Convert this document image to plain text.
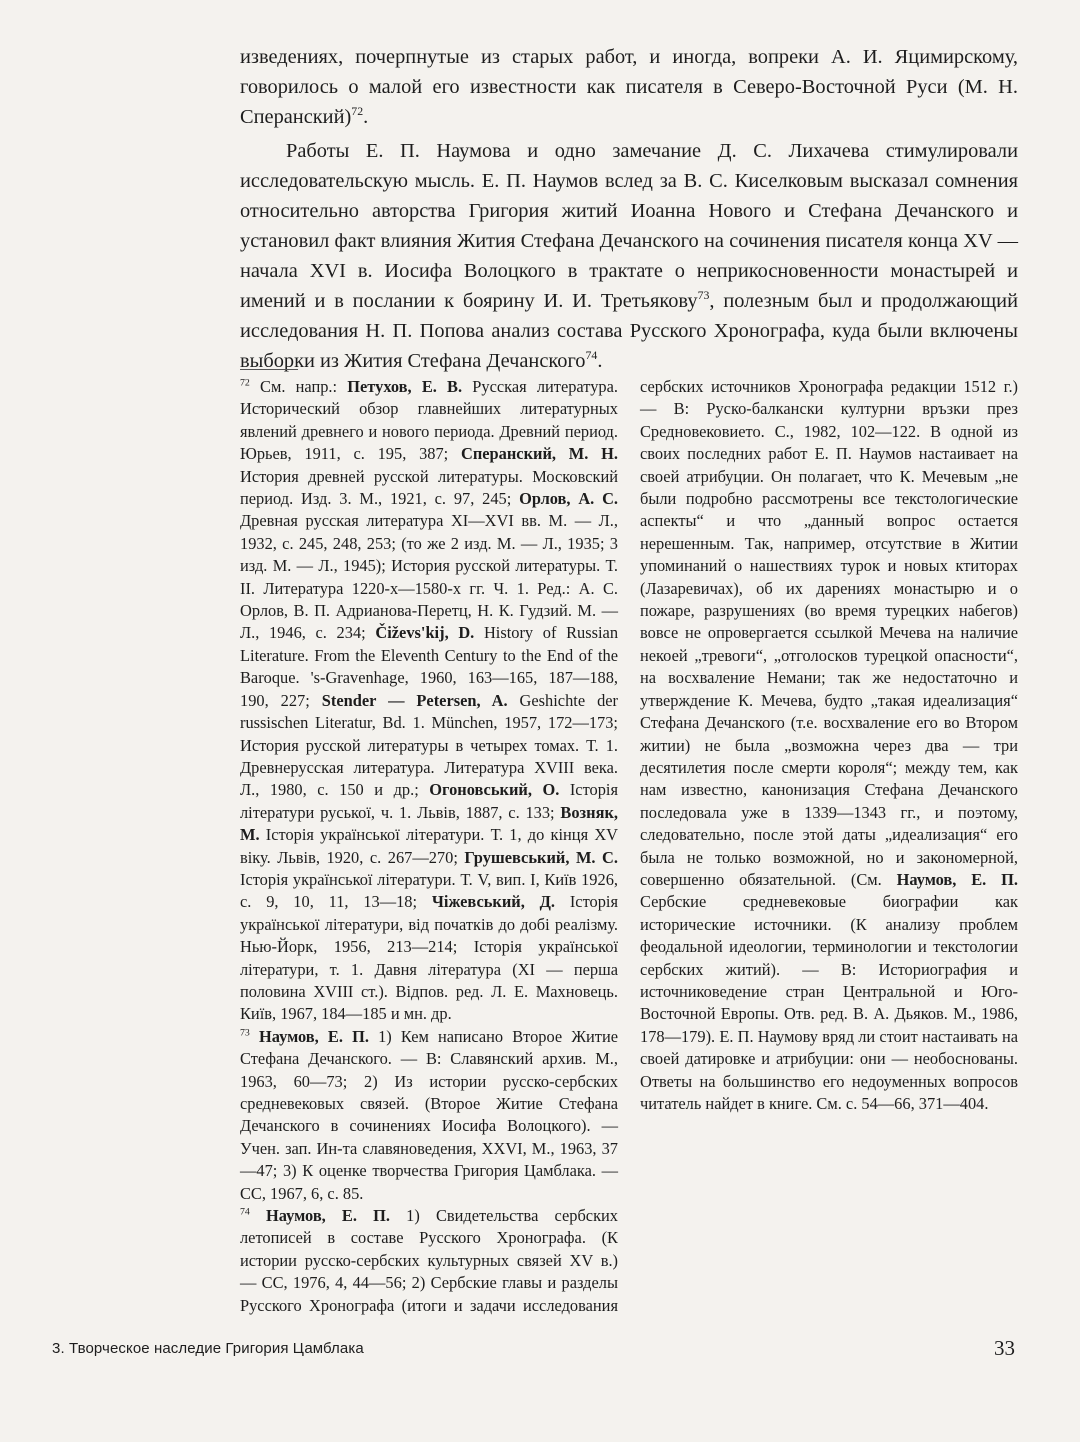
изведениях, почерпнутые из старых работ, и иногда, вопреки А. И. Яцимирскому, говорилось о малой его известности как писателя в Северо-Восточной Руси (М. Н. Сперанский)$^{72}$.

Работы Е. П. Наумова и одно замечание Д. С. Лихачева стимулировали исследовательскую мысль. Е. П. Наумов вслед за В. С. Киселковым высказал сомнения относительно авторства Григория житий Иоанна Нового и Стефана Дечанского и установил факт влияния Жития Стефана Дечанского на сочинения писателя конца XV — начала XVI в. Иосифа Волоцкого в трактате о неприкосновенности монастырей и имений и в послании к боярину И. И. Третьякову$^{73}$, полезным был и продолжающий исследования Н. П. Попова анализ состава Русского Хронографа, куда были включены выборки из Жития Стефана Дечанского$^{74}$.

$^{72}$ См. напр.: Петухов, Е. В. Русская литература. Исторический обзор главнейших литературных явлений древнего и нового периода. Древний период. Юрьев, 1911, с. 195, 387; Сперанский, М. Н. История древней русской литературы. Московский период. Изд. 3. М., 1921, с. 97, 245; Орлов, А. С. Древная русская литература XI—XVI вв. М. — Л., 1932, с. 245, 248, 253; (то же 2 изд. М. — Л., 1935; 3 изд. М. — Л., 1945); История русской литературы. Т. II. Литература 1220-х—1580-х гг. Ч. 1. Ред.: А. С. Орлов, В. П. Адрианова-Перетц, Н. К. Гудзий. М. — Л., 1946, с. 234; Čiževs'kij, D. History of Russian Literature. From the Eleventh Century to the End of the Baroque. 's-Gravenhage, 1960, 163—165, 187—188, 190, 227; Stender — Petersen, A. Geshichte der russischen Literatur, Bd. 1. München, 1957, 172—173; История русской литературы в четырех томах. Т. 1. Древнерусская литература. Литература XVIII века. Л., 1980, с. 150 и др.; Огоновський, О. Історія літератури руської, ч. 1. Львів, 1887, с. 133; Возняк, М. Історія української літератури. Т. 1, до кінця XV віку. Львів, 1920, с. 267—270; Грушевський, М. С. Історія української літератури. Т. V, вип. I, Київ 1926, с. 9, 10, 11, 13—18; Чіжевський, Д. Історія української літератури, від початків до добі реалізму. Нью-Йорк, 1956, 213—214; Історія української літератури, т. 1. Давня література (XI — перша половина XVIII ст.). Відпов. ред. Л. Е. Махновець. Київ, 1967, 184—185 и мн. др.

$^{73}$ Наумов, Е. П. 1) Кем написано Второе Житие Стефана Дечанского. — В: Славянский архив. М., 1963, 60—73; 2) Из истории русско-сербских средневековых связей. (Второе Житие Стефана Дечанского в сочинениях Иосифа Волоцкого). — Учен. зап. Ин-та славяноведения, XXVI, М., 1963, 37—47; 3) К оценке творчества Григория Цамблака. — СС, 1967, 6, с. 85.

$^{74}$ Наумов, Е. П. 1) Свидетельства сербских летописей в составе Русского Хронографа. (К истории русско-сербских культурных связей XV в.) — СС, 1976, 4, 44—56; 2) Сербские главы и разделы Русского Хронографа (итоги и задачи исследования сербских источников Хронографа редакции 1512 г.) — В: Руско-балкански културни връзки през Средновековието. С., 1982, 102—122. В одной из своих последних работ Е. П. Наумов настаивает на своей атрибуции. Он полагает, что К. Мечевым „не были подробно рассмотрены все текстологические аспекты“ и что „данный вопрос остается нерешенным. Так, например, отсутствие в Житии упоминаний о нашествиях турок и новых ктиторах (Лазаревичах), об их дарениях монастырю и о пожаре, разрушениях (во время турецких набегов) вовсе не опровергается ссылкой Мечева на наличие некоей „тревоги“, „отголосков турецкой опасности“, на восхваление Немани; так же недостаточно и утверждение К. Мечева, будто „такая идеализация“ Стефана Дечанского (т.е. восхваление его во Втором житии) не была „возможна через два — три десятилетия после смерти короля“; между тем, как нам известно, канонизация Стефана Дечанского последовала уже в 1339—1343 гг., и поэтому, следовательно, после этой даты „идеализация“ его была не только возможной, но и закономерной, совершенно обязательной. (См. Наумов, Е. П. Сербские средневековые биографии как исторические источники. (К анализу проблем феодальной идеологии, терминологии и текстологии сербских житий). — В: Историография и источниковедение стран Центральной и Юго-Восточной Европы. Отв. ред. В. А. Дьяков. М., 1986, 178—179). Е. П. Наумову вряд ли стоит настаивать на своей датировке и атрибуции: они — необоснованы. Ответы на большинство его недоуменных вопросов читатель найдет в книге. См. с. 54—66, 371—404.

3. Творческое наследие Григория Цамблака	33
